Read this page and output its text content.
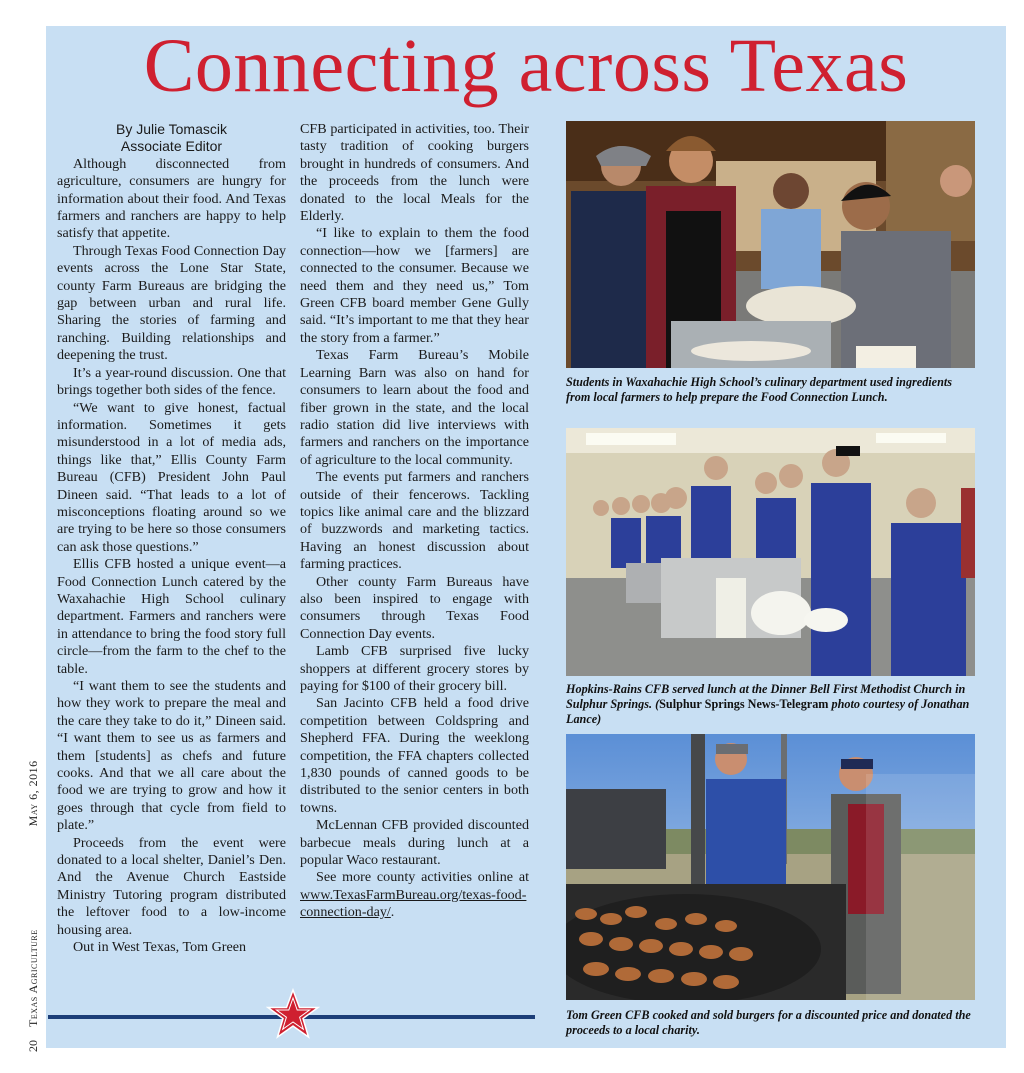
Connecting across Texas
20 Texas Agriculture May 6, 2016
By Julie Tomascik
Associate Editor

Although disconnected from agriculture, consumers are hungry for information about their food. And Texas farmers and ranchers are happy to help satisfy that appetite.

Through Texas Food Connection Day events across the Lone Star State, county Farm Bureaus are bridging the gap between urban and rural life. Sharing the stories of farming and ranching. Building relationships and deepening the trust.

It’s a year-round discussion. One that brings together both sides of the fence.

“We want to give honest, factual information. Sometimes it gets misunderstood in a lot of media ads, things like that,” Ellis County Farm Bureau (CFB) President John Paul Dineen said. “That leads to a lot of misconceptions floating around so we are trying to be here so those consumers can ask those questions.”

Ellis CFB hosted a unique event—a Food Connection Lunch catered by the Waxahachie High School culinary department. Farmers and ranchers were in attendance to bring the food story full circle—from the farm to the chef to the table.

“I want them to see the students and how they work to prepare the meal and the care they take to do it,” Dineen said. “I want them to see us as farmers and them [students] as chefs and future cooks. And that we all care about the food we are trying to grow and how it goes through that cycle from field to plate.”

Proceeds from the event were donated to a local shelter, Daniel’s Den. And the Avenue Church Eastside Ministry Tutoring program distributed the leftover food to a low-income housing area.

Out in West Texas, Tom Green

CFB participated in activities, too. Their tasty tradition of cooking burgers brought in hundreds of consumers. And the proceeds from the lunch were donated to the local Meals for the Elderly.

“I like to explain to them the food connection—how we [farmers] are connected to the consumer. Because we need them and they need us,” Tom Green CFB board member Gene Gully said. “It’s important to me that they hear the story from a farmer.”

Texas Farm Bureau’s Mobile Learning Barn was also on hand for consumers to learn about the food and fiber grown in the state, and the local radio station did live interviews with farmers and ranchers on the importance of agriculture to the local community.

The events put farmers and ranchers outside of their fencerows. Tackling topics like animal care and the blizzard of buzzwords and marketing tactics. Having an honest discussion about farming practices.

Other county Farm Bureaus have also been inspired to engage with consumers through Texas Food Connection Day events.

Lamb CFB surprised five lucky shoppers at different grocery stores by paying for $100 of their grocery bill.

San Jacinto CFB held a food drive competition between Coldspring and Shepherd FFA. During the weeklong competition, the FFA chapters collected 1,830 pounds of canned goods to be distributed to the senior centers in both towns.

McLennan CFB provided discounted barbecue meals during lunch at a popular Waco restaurant.

See more county activities online at www.TexasFarmBureau.org/texas-food-connection-day/.

Students in Waxahachie High School’s culinary department used ingredients from local farmers to help prepare the Food Connection Lunch.
Hopkins-Rains CFB served lunch at the Dinner Bell First Methodist Church in Sulphur Springs. (Sulphur Springs News-Telegram photo courtesy of Jonathan Lance)
Tom Green CFB cooked and sold burgers for a discounted price and donated the proceeds to a local charity.
